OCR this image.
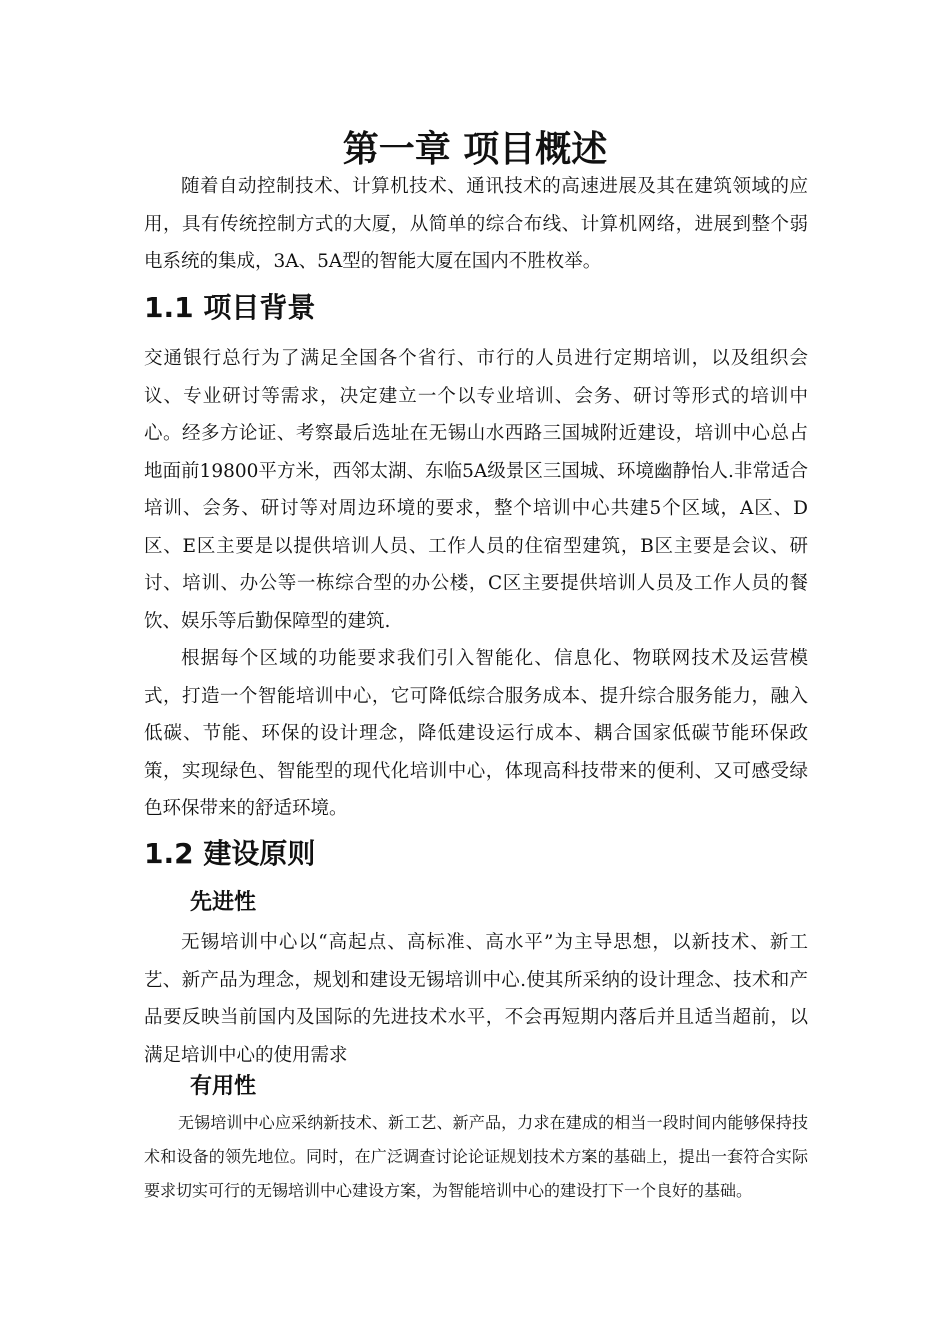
第一章 项目概述

随着自动控制技术、计算机技术、通讯技术的高速进展及其在建筑领域的应用，具有传统控制方式的大厦，从简单的综合布线、计算机网络，进展到整个弱电系统的集成，3A、5A型的智能大厦在国内不胜枚举。

1.1 项目背景

交通银行总行为了满足全国各个省行、市行的人员进行定期培训，以及组织会议、专业研讨等需求，决定建立一个以专业培训、会务、研讨等形式的培训中心。经多方论证、考察最后选址在无锡山水西路三国城附近建设，培训中心总占地面前19800平方米，西邻太湖、东临5A级景区三国城、环境幽静怡人.非常适合培训、会务、研讨等对周边环境的要求，整个培训中心共建5个区域，A区、D区、E区主要是以提供培训人员、工作人员的住宿型建筑，B区主要是会议、研讨、培训、办公等一栋综合型的办公楼，C区主要提供培训人员及工作人员的餐饮、娱乐等后勤保障型的建筑.

根据每个区域的功能要求我们引入智能化、信息化、物联网技术及运营模式，打造一个智能培训中心，它可降低综合服务成本、提升综合服务能力，融入低碳、节能、环保的设计理念，降低建设运行成本、耦合国家低碳节能环保政策，实现绿色、智能型的现代化培训中心，体现高科技带来的便利、又可感受绿色环保带来的舒适环境。

1.2 建设原则
先进性

无锡培训中心以“高起点、高标准、高水平”为主导思想，以新技术、新工艺、新产品为理念，规划和建设无锡培训中心.使其所采纳的设计理念、技术和产品要反映当前国内及国际的先进技术水平，不会再短期内落后并且适当超前，以满足培训中心的使用需求

有用性

无锡培训中心应采纳新技术、新工艺、新产品，力求在建成的相当一段时间内能够保持技术和设备的领先地位。同时，在广泛调查讨论论证规划技术方案的基础上，提出一套符合实际要求切实可行的无锡培训中心建设方案，为智能培训中心的建设打下一个良好的基础。
